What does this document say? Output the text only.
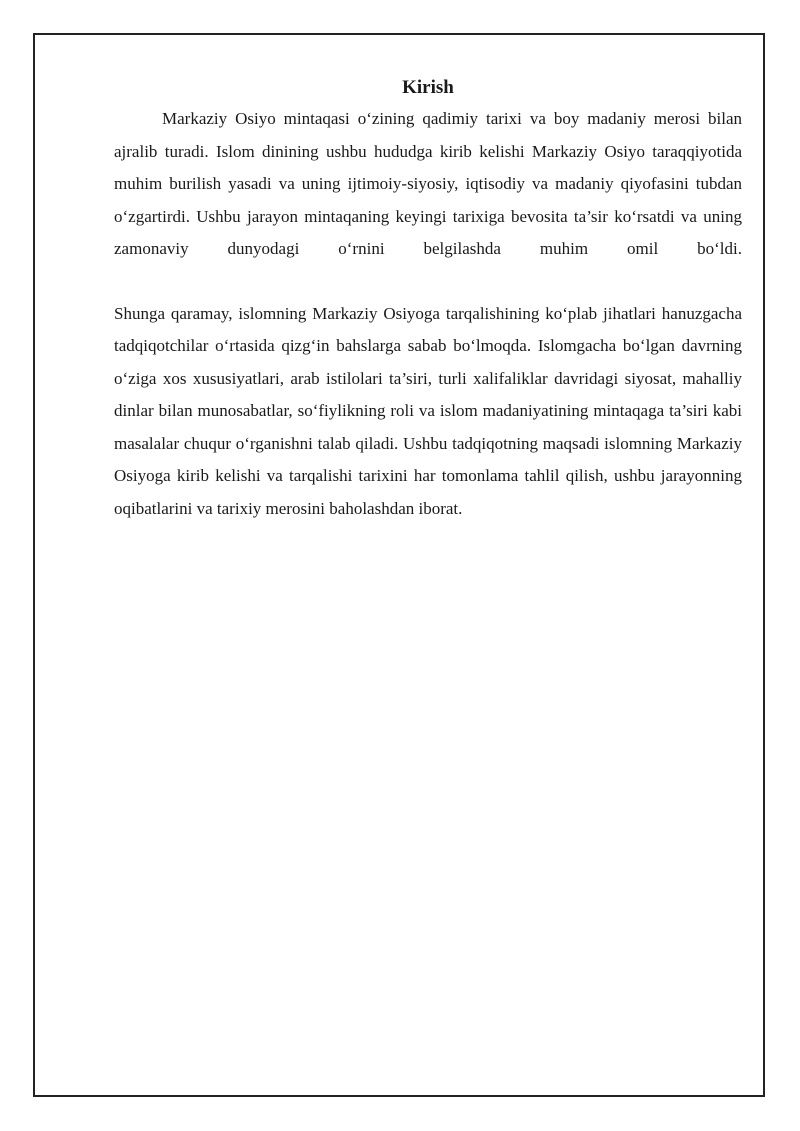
Kirish

Markaziy Osiyo mintaqasi o‘zining qadimiy tarixi va boy madaniy merosi bilan ajralib turadi. Islom dinining ushbu hududga kirib kelishi Markaziy Osiyo taraqqiyotida muhim burilish yasadi va uning ijtimoiy-siyosiy, iqtisodiy va madaniy qiyofasini tubdan o‘zgartirdi. Ushbu jarayon mintaqaning keyingi tarixiga bevosita ta’sir ko‘rsatdi va uning zamonaviy dunyodagi o‘rnini belgilashda muhim omil bo‘ldi.

Shunga qaramay, islomning Markaziy Osiyoga tarqalishining ko‘plab jihatlari hanuzgacha tadqiqotchilar o‘rtasida qizg‘in bahslarga sabab bo‘lmoqda. Islomgacha bo‘lgan davrning o‘ziga xos xususiyatlari, arab istilolari ta’siri, turli xalifaliklar davridagi siyosat, mahalliy dinlar bilan munosabatlar, so‘fiylikning roli va islom madaniyatining mintaqaga ta’siri kabi masalalar chuqur o‘rganishni talab qiladi. Ushbu tadqiqotning maqsadi islomning Markaziy Osiyoga kirib kelishi va tarqalishi tarixini har tomonlama tahlil qilish, ushbu jarayonning oqibatlarini va tarixiy merosini baholashdan iborat.
